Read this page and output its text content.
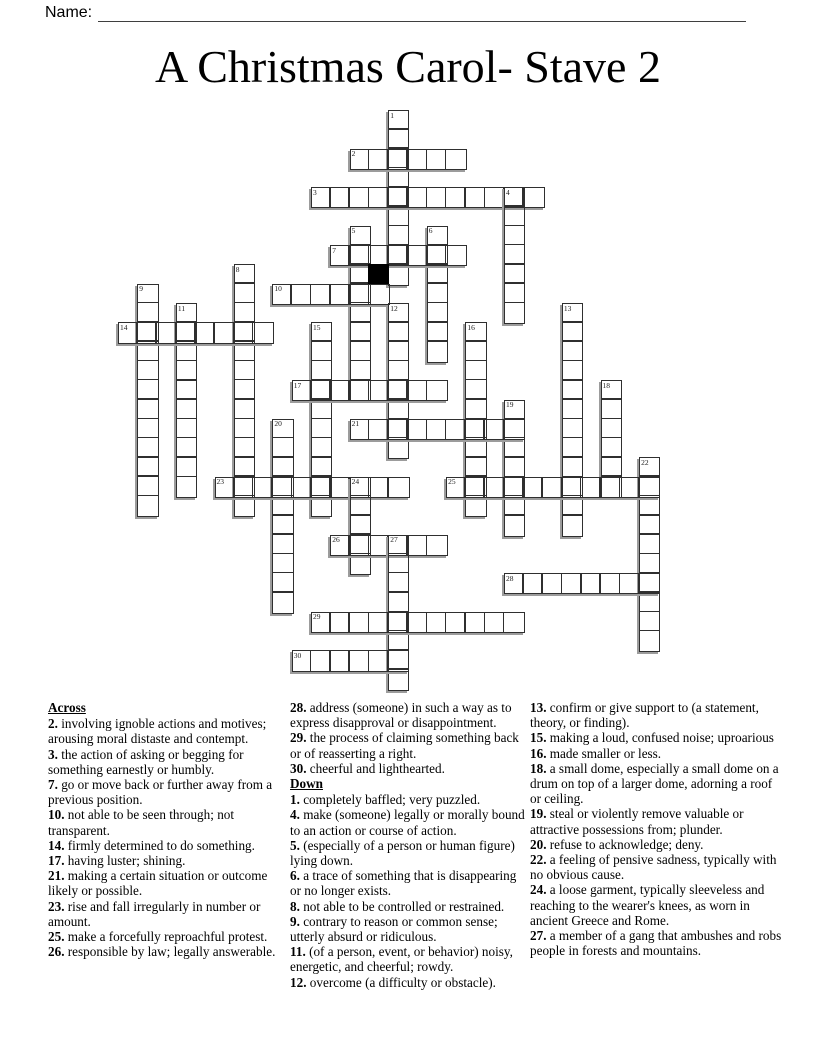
Name:
A Christmas Carol- Stave 2
1
2
3	4
5	6
7
8
9	10
11	12	13
14	15	16
17	18
19
20	21
22
23	24	25
26	27
28
29
30
Across
2. involving ignoble actions and motives; arousing moral distaste and contempt.
3. the action of asking or begging for something earnestly or humbly.
7. go or move back or further away from a previous position.
10. not able to be seen through; not transparent.
14. firmly determined to do something.
17. having luster; shining.
21. making a certain situation or outcome likely or possible.
23. rise and fall irregularly in number or amount.
25. make a forcefully reproachful protest.
26. responsible by law; legally answerable.
28. address (someone) in such a way as to express disapproval or disappointment.
29. the process of claiming something back or of reasserting a right.
30. cheerful and lighthearted.
Down
1. completely baffled; very puzzled.
4. make (someone) legally or morally bound to an action or course of action.
5. (especially of a person or human figure) lying down.
6. a trace of something that is disappearing or no longer exists.
8. not able to be controlled or restrained.
9. contrary to reason or common sense; utterly absurd or ridiculous.
11. (of a person, event, or behavior) noisy, energetic, and cheerful; rowdy.
12. overcome (a difficulty or obstacle).
13. confirm or give support to (a statement, theory, or finding).
15. making a loud, confused noise; uproarious
16. made smaller or less.
18. a small dome, especially a small dome on a drum on top of a larger dome, adorning a roof or ceiling.
19. steal or violently remove valuable or attractive possessions from; plunder.
20. refuse to acknowledge; deny.
22. a feeling of pensive sadness, typically with no obvious cause.
24. a loose garment, typically sleeveless and reaching to the wearer's knees, as worn in ancient Greece and Rome.
27. a member of a gang that ambushes and robs people in forests and mountains.
